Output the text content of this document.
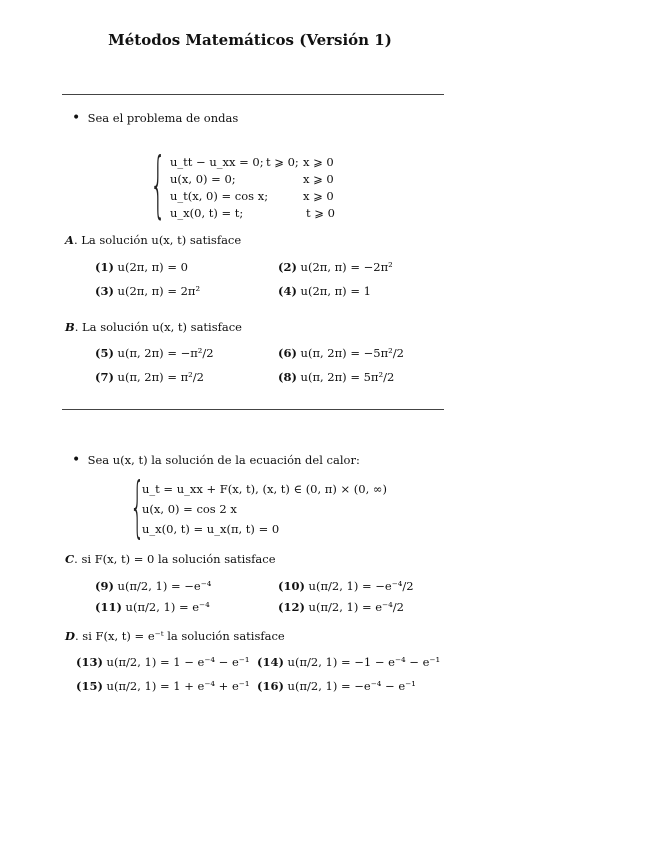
Métodos Matemáticos (Versión 1)
• Sea el problema de ondas
{ u_tt − u_xx = 0; t ⩾ 0; x ⩾ 0
u(x, 0) = 0;	x ⩾ 0
u_t(x, 0) = cos x;	x ⩾ 0
u_x(0, t) = t;	t ⩾ 0
A. La solución u(x, t) satisface
(1) u(2π, π) = 0	(2) u(2π, π) = −2π²
(3) u(2π, π) = 2π²	(4) u(2π, π) = 1
B. La solución u(x, t) satisface
(5) u(π, 2π) = −π²/2	(6) u(π, 2π) = −5π²/2
(7) u(π, 2π) = π²/2	(8) u(π, 2π) = 5π²/2
• Sea u(x, t) la solución de la ecuación del calor:
{
u_t = u_xx + F(x, t), (x, t) ∈ (0, π) × (0, ∞)
u(x, 0) = cos 2 x
u_x(0, t) = u_x(π, t) = 0
C. si F(x, t) = 0 la solución satisface
(9) u(π/2, 1) = −e⁻⁴	(10) u(π/2, 1) = −e⁻⁴/2
(11) u(π/2, 1) = e⁻⁴	(12) u(π/2, 1) = e⁻⁴/2
D. si F(x, t) = e⁻ᵗ la solución satisface
(13) u(π/2, 1) = 1 − e⁻⁴ − e⁻¹ (14) u(π/2, 1) = −1 − e⁻⁴ − e⁻¹
(15) u(π/2, 1) = 1 + e⁻⁴ + e⁻¹ (16) u(π/2, 1) = −e⁻⁴ − e⁻¹
